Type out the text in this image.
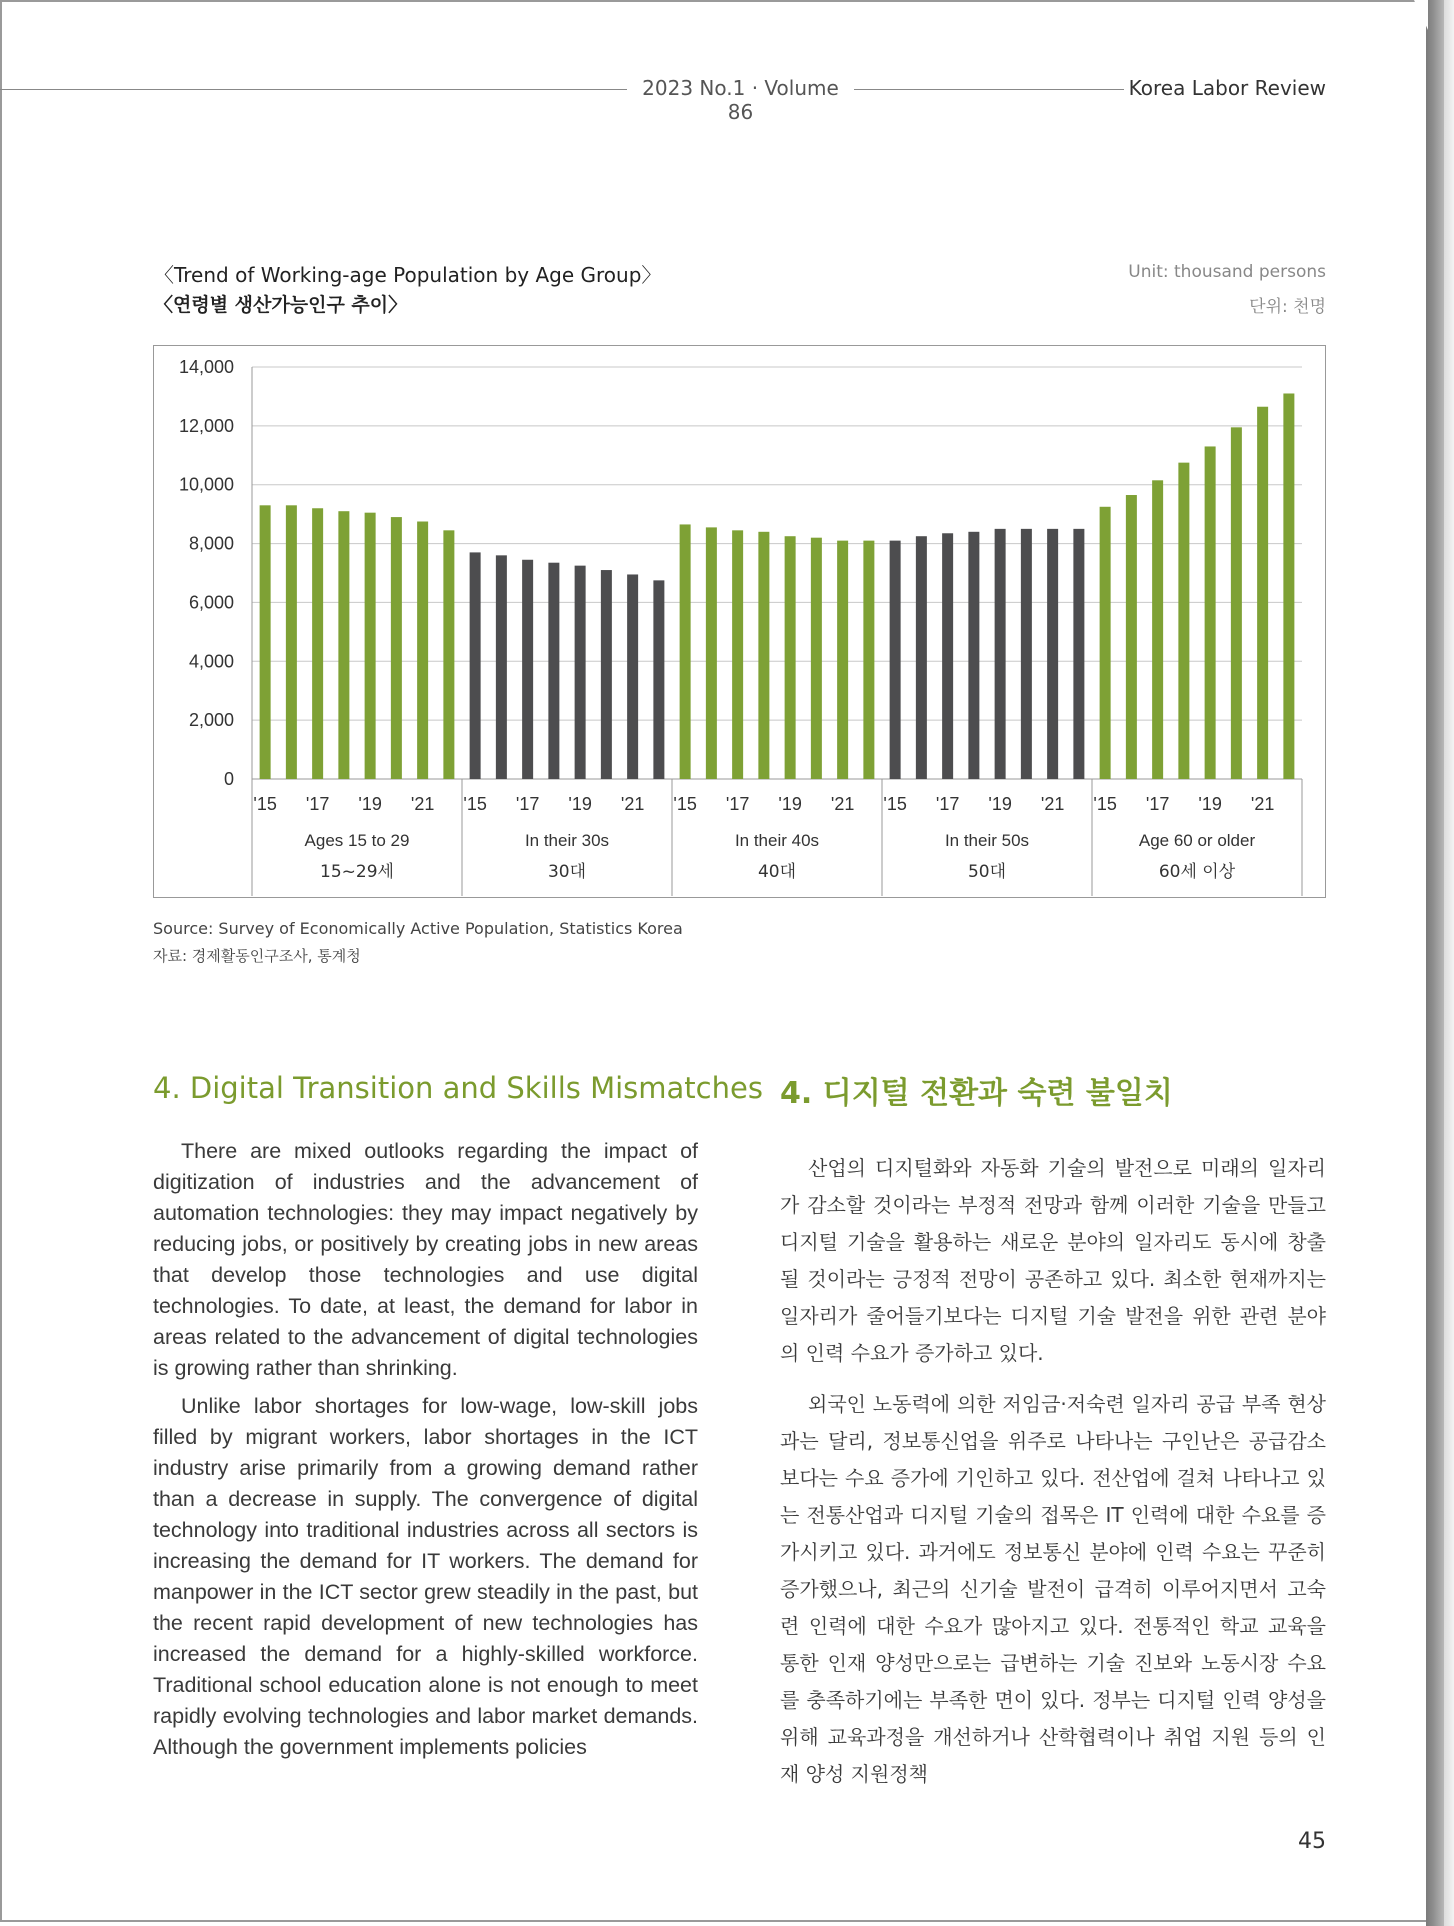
2023 No.1 · Volume 86
Korea Labor Review
〈Trend of Working-age Population by Age Group〉
〈연령별 생산가능인구 추이〉
Unit: thousand persons
단위: 천명
0
2,000
4,000
6,000
8,000
10,000
12,000
14,000
'15 '17 '19 '21
Ages 15 to 29
15~29세
'15 '17 '19 '21
In their 30s
30대
'15 '17 '19 '21
In their 40s
40대
'15 '17 '19 '21
In their 50s
50대
'15 '17 '19 '21
Age 60 or older
60세 이상
Source: Survey of Economically Active Population, Statistics Korea
자료: 경제활동인구조사, 통계청
4. Digital Transition and Skills Mismatches 4. 디지털 전환과 숙련 불일치

There are mixed outlooks regarding the impact of digitization of industries and the advancement of automation technologies: they may impact negatively by reducing jobs, or positively by creating jobs in new areas that develop those technologies and use digital technologies. To date, at least, the demand for labor in areas related to the advancement of digital technologies is growing rather than shrinking.

Unlike labor shortages for low-wage, low-skill jobs filled by migrant workers, labor shortages in the ICT industry arise primarily from a growing demand rather than a decrease in supply. The convergence of digital technology into traditional industries across all sectors is increasing the demand for IT workers. The demand for manpower in the ICT sector grew steadily in the past, but the recent rapid development of new technologies has increased the demand for a highly-skilled workforce. Traditional school education alone is not enough to meet rapidly evolving technologies and labor market demands. Although the government implements policies

산업의 디지털화와 자동화 기술의 발전으로 미래의 일자리가 감소할 것이라는 부정적 전망과 함께 이러한 기술을 만들고 디지털 기술을 활용하는 새로운 분야의 일자리도 동시에 창출될 것이라는 긍정적 전망이 공존하고 있다. 최소한 현재까지는 일자리가 줄어들기보다는 디지털 기술 발전을 위한 관련 분야의 인력 수요가 증가하고 있다.

외국인 노동력에 의한 저임금·저숙련 일자리 공급 부족 현상과는 달리, 정보통신업을 위주로 나타나는 구인난은 공급감소보다는 수요 증가에 기인하고 있다. 전산업에 걸쳐 나타나고 있는 전통산업과 디지털 기술의 접목은 IT 인력에 대한 수요를 증가시키고 있다. 과거에도 정보통신 분야에 인력 수요는 꾸준히 증가했으나, 최근의 신기술 발전이 급격히 이루어지면서 고숙련 인력에 대한 수요가 많아지고 있다. 전통적인 학교 교육을 통한 인재 양성만으로는 급변하는 기술 진보와 노동시장 수요를 충족하기에는 부족한 면이 있다. 정부는 디지털 인력 양성을 위해 교육과정을 개선하거나 산학협력이나 취업 지원 등의 인재 양성 지원정책

45
